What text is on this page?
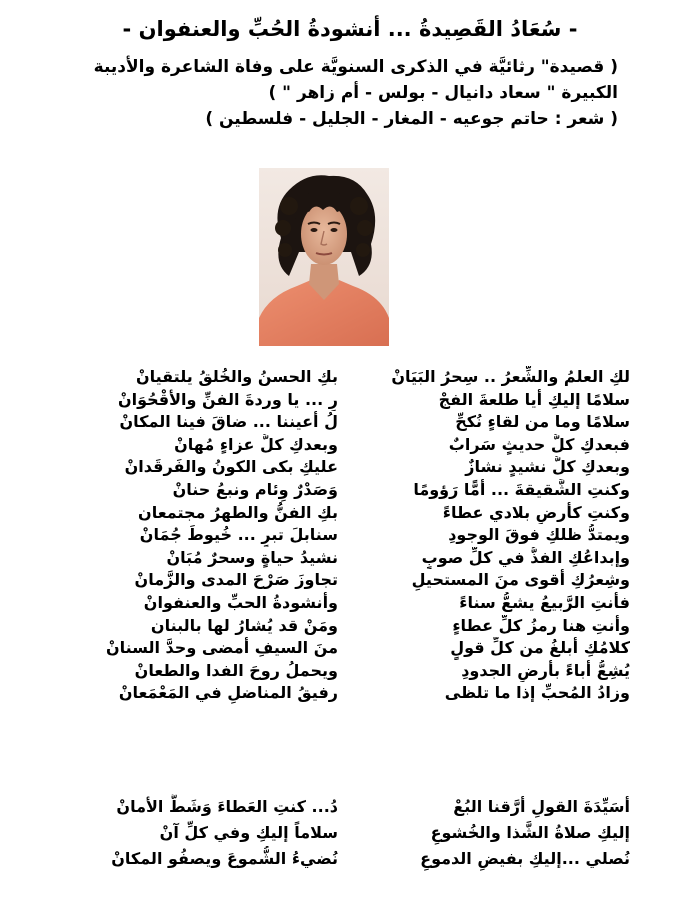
- سُعَادُ القَصِيدةُ ... أنشودةُ الحُبِّ والعنفوان -
( قصيدة" رثائيَّة في الذكرى السنويَّة على وفاة الشاعرة والأديبة
الكبيرة " سعاد دانيال - بولس - أم زاهر " )
( شعر : حاتم جوعيه - المغار - الجليل - فلسطين )
لكِ العلمُ والشِّعرُ .. سِحرُ البَيَانْ
بكِ الحسنُ والخُلقُ يلتقيانْ
سلامًا إليكِ أيا طلعةَ الفجْ
رِ ... يا وردةَ الفنِّ والأقْحُوَانْ
سلامًا وما من لقاءٍ نُكحِّ
لُ أعيننا ... ضاقَ فينا المكانْ
فبعدكِ كلُّ حديثٍ سَرابٌ
وبعدكِ كلُّ عزاءٍ مُهانْ
وبعدكِ كلُّ نشيدٍ نشازٌ
عليكِ بكى الكونُ والفَرقَدانْ
وكنتِ الشَّقيقةَ ... أمًّا رَؤومًا
وَصَدْرٌ وِئام ونبعُ حنانْ
وكنتِ كأرضِ بلادي عطاءً
بكِ الفنُّ والطهرُ مجتمعان
ويمتدُّ ظلكِ فوقَ الوجودِ
سنابلَ تبرٍ ... خُيوطَ جُمَانْ
وإبداعُكِ الفذُّ في كلِّ صوبٍ
نشيدُ حياةٍ وسحرٌ مُبَانْ
وشِعرُكِ أقوى منَ المستحيلِ
تجاوزَ صَرْحَ المدى والزَّمانْ
فأنتِ الرَّبيعُ يشعُّ سناءً
وأنشودةُ الحبِّ والعنفوانْ
وأنتِ هنا رمزُ كلِّ عطاءٍ
ومَنْ قد يُشارُ لها بالبنان
كلامُكِ أبلغُ من كلِّ قولٍ
منَ السيفِ أمضى وحدَّ السنانْ
يُشِعُّ أباءً بأرضِ الجدودِ
ويحملُ روحَ الفدا والطعانْ
وزادُ المُحبِّ إذا ما تلظى
رفيقُ المناضلِ في المَعْمَعانْ
أسَيِّدَةَ القولِ أرَّقنا البُعْ
دُ... كنتِ العَطاءَ وَشَطَّ الأمانْ
إليكِ صلاةُ الشَّذا والخُشوعِ
سلاماً إليكِ وفي كلِّ آنْ
نُصلي ...إليكِ بفيضِ الدموعِ
نُضيءُ الشُّموعَ ويصفُو المكانْ
